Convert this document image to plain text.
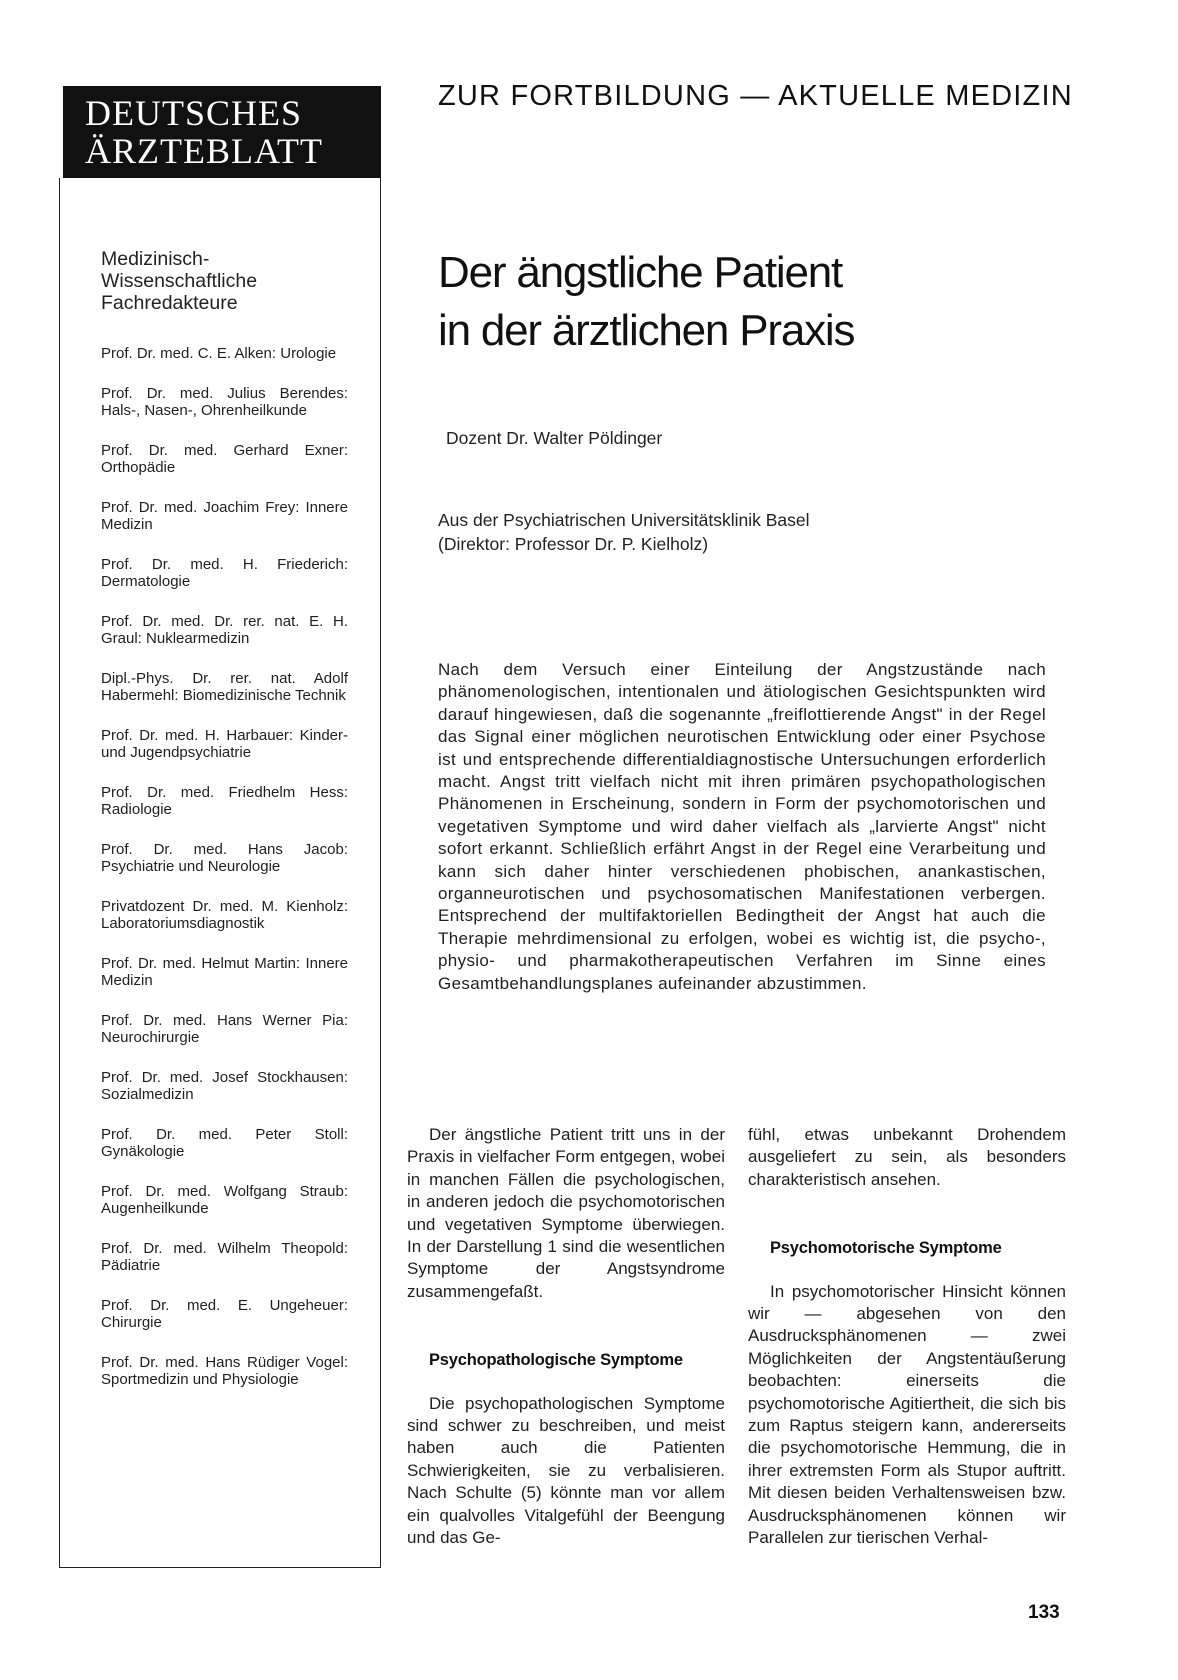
DEUTSCHES
ÄRZTEBLATT
Medizinisch-
Wissenschaftliche
Fachredakteure
Prof. Dr. med. C. E. Alken: Urologie
Prof. Dr. med. Julius Berendes: Hals-, Nasen-, Ohrenheilkunde
Prof. Dr. med. Gerhard Exner: Orthopädie
Prof. Dr. med. Joachim Frey: Innere Medizin
Prof. Dr. med. H. Friederich: Dermatologie
Prof. Dr. med. Dr. rer. nat. E. H. Graul: Nuklearmedizin
Dipl.-Phys. Dr. rer. nat. Adolf Habermehl: Biomedizinische Technik
Prof. Dr. med. H. Harbauer: Kinder- und Jugendpsychiatrie
Prof. Dr. med. Friedhelm Hess: Radiologie
Prof. Dr. med. Hans Jacob: Psychiatrie und Neurologie
Privatdozent Dr. med. M. Kienholz: Laboratoriumsdiagnostik
Prof. Dr. med. Helmut Martin: Innere Medizin
Prof. Dr. med. Hans Werner Pia: Neurochirurgie
Prof. Dr. med. Josef Stockhausen: Sozialmedizin
Prof. Dr. med. Peter Stoll: Gynäkologie
Prof. Dr. med. Wolfgang Straub: Augenheilkunde
Prof. Dr. med. Wilhelm Theopold: Pädiatrie
Prof. Dr. med. E. Ungeheuer: Chirurgie
Prof. Dr. med. Hans Rüdiger Vogel: Sportmedizin und Physiologie
ZUR FORTBILDUNG — AKTUELLE MEDIZIN
Der ängstliche Patient
in der ärztlichen Praxis
Dozent Dr. Walter Pöldinger
Aus der Psychiatrischen Universitätsklinik Basel
(Direktor: Professor Dr. P. Kielholz)

Nach dem Versuch einer Einteilung der Angstzustände nach phänomenologischen, intentionalen und ätiologischen Gesichtspunkten wird darauf hingewiesen, daß die sogenannte „freiflottierende Angst" in der Regel das Signal einer möglichen neurotischen Entwicklung oder einer Psychose ist und entsprechende differentialdiagnostische Untersuchungen erforderlich macht. Angst tritt vielfach nicht mit ihren primären psychopathologischen Phänomenen in Erscheinung, sondern in Form der psychomotorischen und vegetativen Symptome und wird daher vielfach als „larvierte Angst" nicht sofort erkannt. Schließlich erfährt Angst in der Regel eine Verarbeitung und kann sich daher hinter verschiedenen phobischen, anankastischen, organneurotischen und psychosomatischen Manifestationen verbergen. Entsprechend der multifaktoriellen Bedingtheit der Angst hat auch die Therapie mehrdimensional zu erfolgen, wobei es wichtig ist, die psycho-, physio- und pharmakotherapeutischen Verfahren im Sinne eines Gesamtbehandlungsplanes aufeinander abzustimmen.

Der ängstliche Patient tritt uns in der Praxis in vielfacher Form entgegen, wobei in manchen Fällen die psychologischen, in anderen jedoch die psychomotorischen und vegetativen Symptome überwiegen. In der Darstellung 1 sind die wesentlichen Symptome der Angstsyndrome zusammengefaßt.

Psychopathologische Symptome

Die psychopathologischen Symptome sind schwer zu beschreiben, und meist haben auch die Patienten Schwierigkeiten, sie zu verbalisieren. Nach Schulte (5) könnte man vor allem ein qualvolles Vitalgefühl der Beengung und das Ge-

fühl, etwas unbekannt Drohendem ausgeliefert zu sein, als besonders charakteristisch ansehen.

Psychomotorische Symptome

In psychomotorischer Hinsicht können wir — abgesehen von den Ausdrucksphänomenen — zwei Möglichkeiten der Angstentäußerung beobachten: einerseits die psychomotorische Agitiertheit, die sich bis zum Raptus steigern kann, andererseits die psychomotorische Hemmung, die in ihrer extremsten Form als Stupor auftritt. Mit diesen beiden Verhaltensweisen bzw. Ausdrucksphänomenen können wir Parallelen zur tierischen Verhal-

133
